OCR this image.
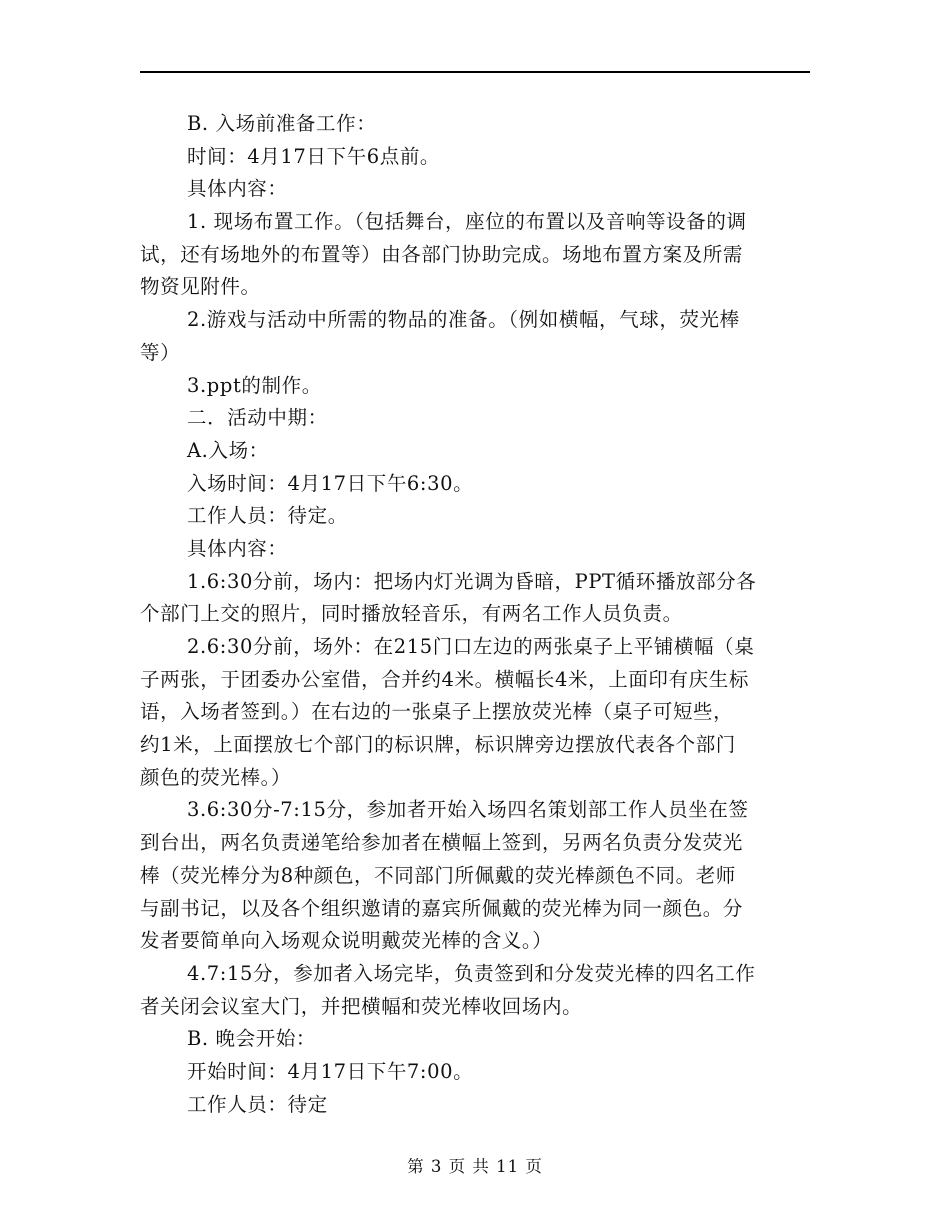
B. 入场前准备工作：
时间：4月17日下午6点前。
具体内容：
1. 现场布置工作。（包括舞台，座位的布置以及音响等设备的调
试，还有场地外的布置等）由各部门协助完成。场地布置方案及所需
物资见附件。
2.游戏与活动中所需的物品的准备。（例如横幅，气球，荧光棒
等）
3.ppt的制作。
二．活动中期：
A.入场：
入场时间：4月17日下午6:30。
工作人员：待定。
具体内容：
1.6:30分前，场内：把场内灯光调为昏暗，PPT循环播放部分各
个部门上交的照片，同时播放轻音乐，有两名工作人员负责。
2.6:30分前，场外：在215门口左边的两张桌子上平铺横幅（桌
子两张，于团委办公室借，合并约4米。横幅长4米，上面印有庆生标
语，入场者签到。）在右边的一张桌子上摆放荧光棒（桌子可短些，
约1米，上面摆放七个部门的标识牌，标识牌旁边摆放代表各个部门
颜色的荧光棒。）
3.6:30分-7:15分，参加者开始入场四名策划部工作人员坐在签
到台出，两名负责递笔给参加者在横幅上签到，另两名负责分发荧光
棒（荧光棒分为8种颜色，不同部门所佩戴的荧光棒颜色不同。老师
与副书记，以及各个组织邀请的嘉宾所佩戴的荧光棒为同一颜色。分
发者要简单向入场观众说明戴荧光棒的含义。）
4.7:15分，参加者入场完毕，负责签到和分发荧光棒的四名工作
者关闭会议室大门，并把横幅和荧光棒收回场内。
B. 晚会开始：
开始时间：4月17日下午7:00。
工作人员：待定
第 3 页 共 11 页
